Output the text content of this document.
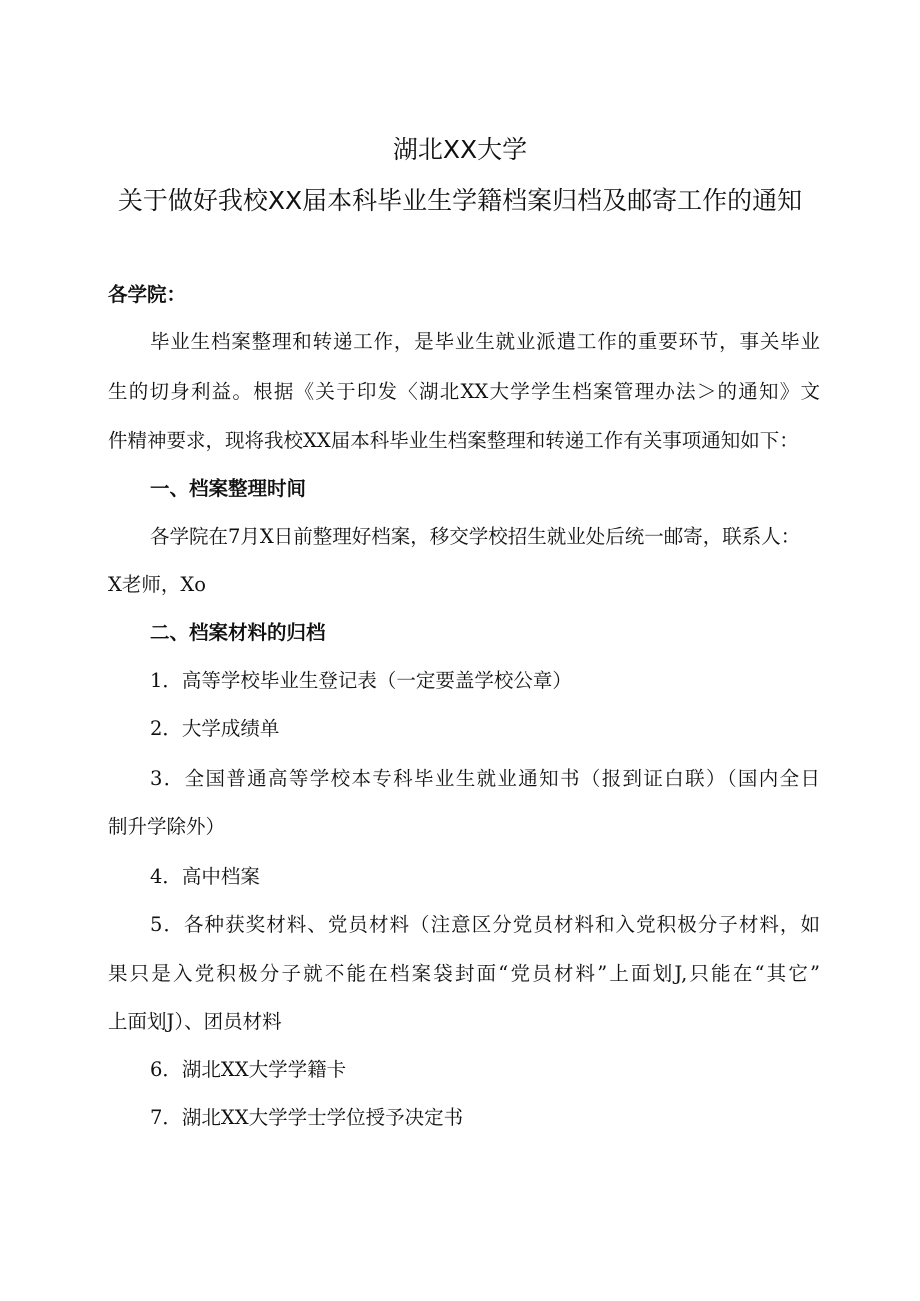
湖北XX大学
关于做好我校XX届本科毕业生学籍档案归档及邮寄工作的通知
各学院：
毕业生档案整理和转递工作，是毕业生就业派遣工作的重要环节，事关毕业
生的切身利益。根据《关于印发〈湖北XX大学学生档案管理办法＞的通知》文
件精神要求，现将我校XX届本科毕业生档案整理和转递工作有关事项通知如下：
一、档案整理时间
各学院在7月X日前整理好档案，移交学校招生就业处后统一邮寄，联系人：
X老师，Xo
二、档案材料的归档
1．高等学校毕业生登记表（一定要盖学校公章）
2．大学成绩单
3．全国普通高等学校本专科毕业生就业通知书（报到证白联）（国内全日
制升学除外）
4．高中档案
5．各种获奖材料、党员材料（注意区分党员材料和入党积极分子材料，如
果只是入党积极分子就不能在档案袋封面“党员材料”上面划J,只能在“其它”
上面划J）、团员材料
6．湖北XX大学学籍卡
7．湖北XX大学学士学位授予决定书
